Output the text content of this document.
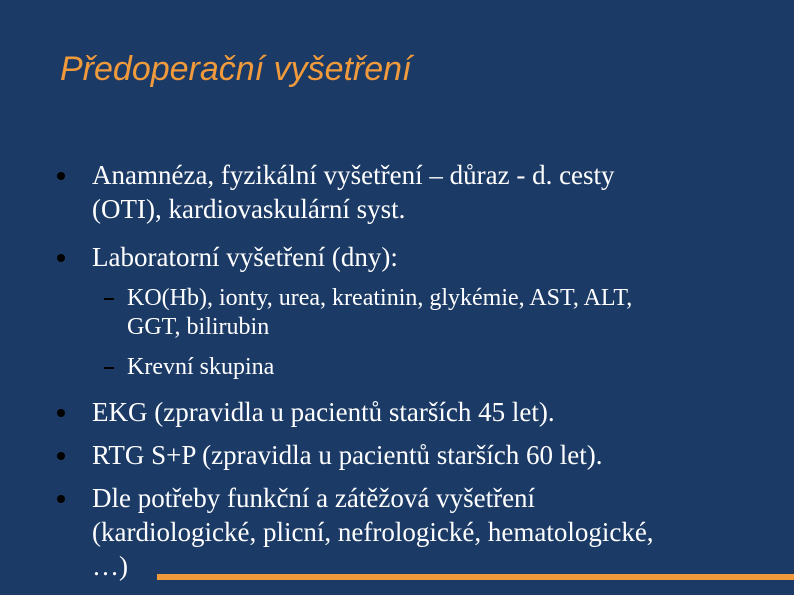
Předoperační vyšetření
Anamnéza, fyzikální vyšetření – důraz - d. cesty
(OTI), kardiovaskulární syst.
Laboratorní vyšetření (dny):
KO(Hb), ionty, urea, kreatinin, glykémie, AST, ALT,
GGT, bilirubin
Krevní skupina
EKG (zpravidla u pacientů starších 45 let).
RTG S+P (zpravidla u pacientů starších 60 let).
Dle potřeby funkční a zátěžová vyšetření
(kardiologické, plicní, nefrologické, hematologické,
…)
